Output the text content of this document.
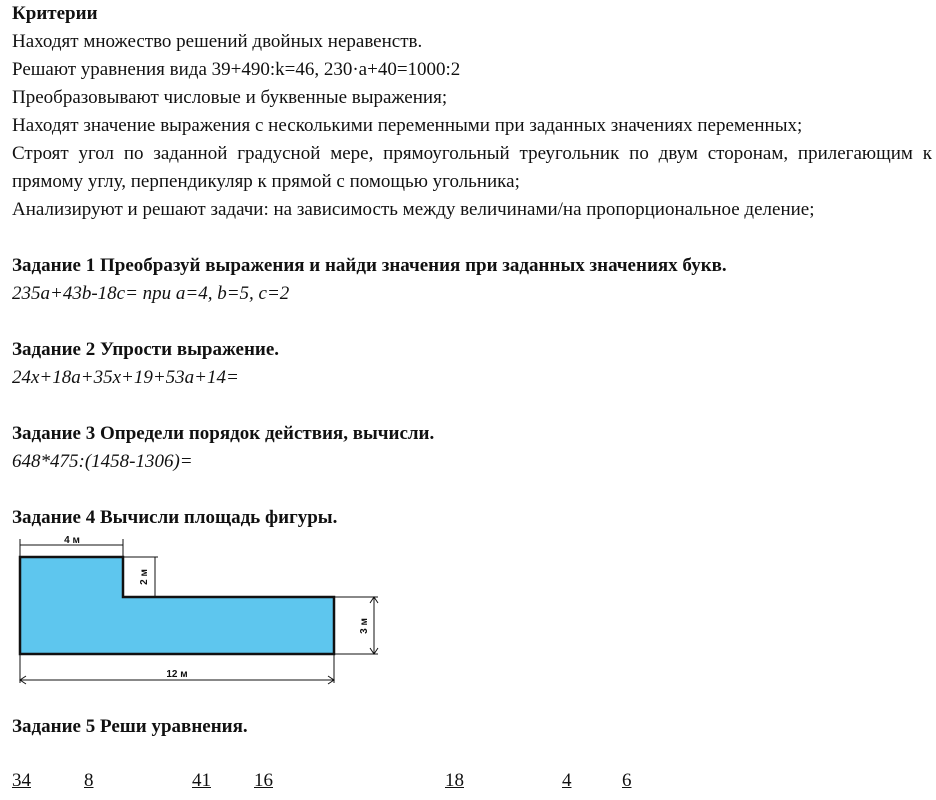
Критерии
Находят множество решений двойных неравенств.
Решают уравнения вида 39+490:k=46, 230·a+40=1000:2
Преобразовывают числовые и буквенные выражения;
Находят значение выражения с несколькими переменными при заданных значениях переменных;
Строят угол по заданной градусной мере, прямоугольный треугольник по двум сторонам, прилегающим к прямому углу, перпендикуляр к прямой с помощью угольника;
Анализируют и решают задачи: на зависимость между величинами/на пропорциональное деление;
Задание 1 Преобразуй выражения и найди значения при заданных значениях букв.
235a+43b-18c= при a=4, b=5, c=2
Задание 2 Упрости выражение.
24x+18a+35x+19+53a+14=
Задание 3 Определи порядок действия, вычисли.
648*475:(1458-1306)=
Задание 4 Вычисли площадь фигуры.
4 м
2 м
3 м
12 м
Задание 5 Реши уравнения.
34	8	41 16	18	4	6
